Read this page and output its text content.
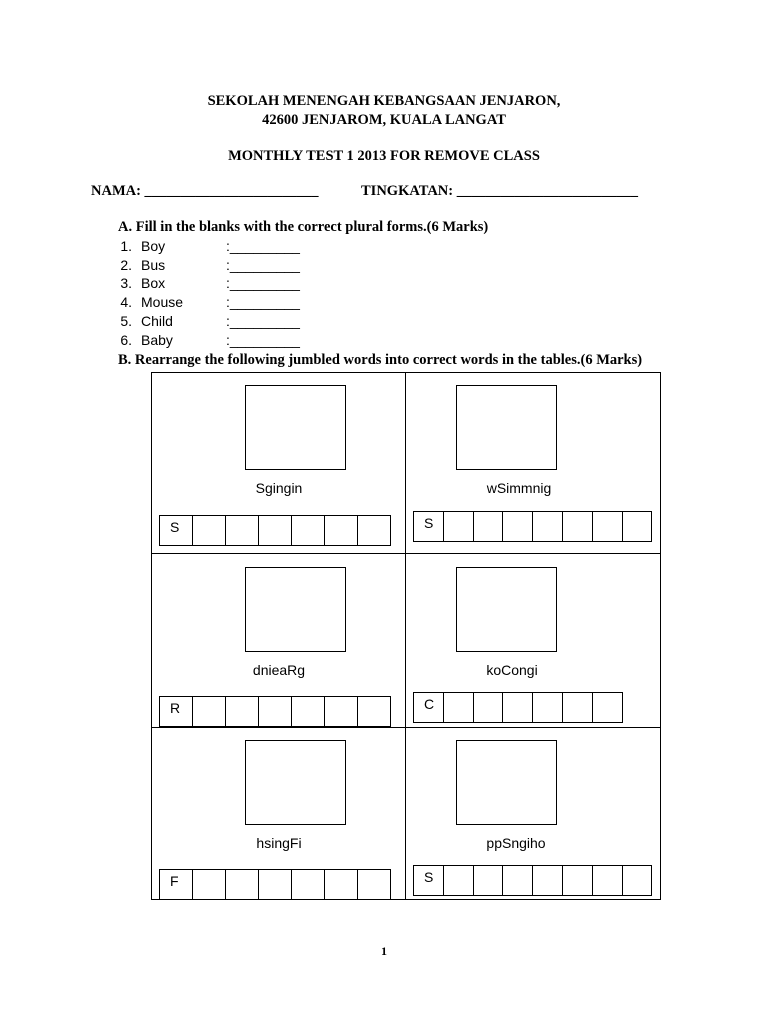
SEKOLAH MENENGAH KEBANGSAAN JENJARON,
42600 JENJAROM, KUALA LANGAT
MONTHLY TEST 1 2013 FOR REMOVE CLASS
NAMA: ________________________	TINGKATAN: _________________________
A. Fill in the blanks with the correct plural forms.(6 Marks)
1. Boy	:_________
2. Bus	:_________
3. Box	:_________
4. Mouse	:_________
5. Child	:_________
6. Baby	:_________
B. Rearrange the following jumbled words into correct words in the tables.(6 Marks)
Sgingin
S
wSimmnig
S
dnieaRg
R
koCongi
C
hsingFi
F
ppSngiho
S
1
